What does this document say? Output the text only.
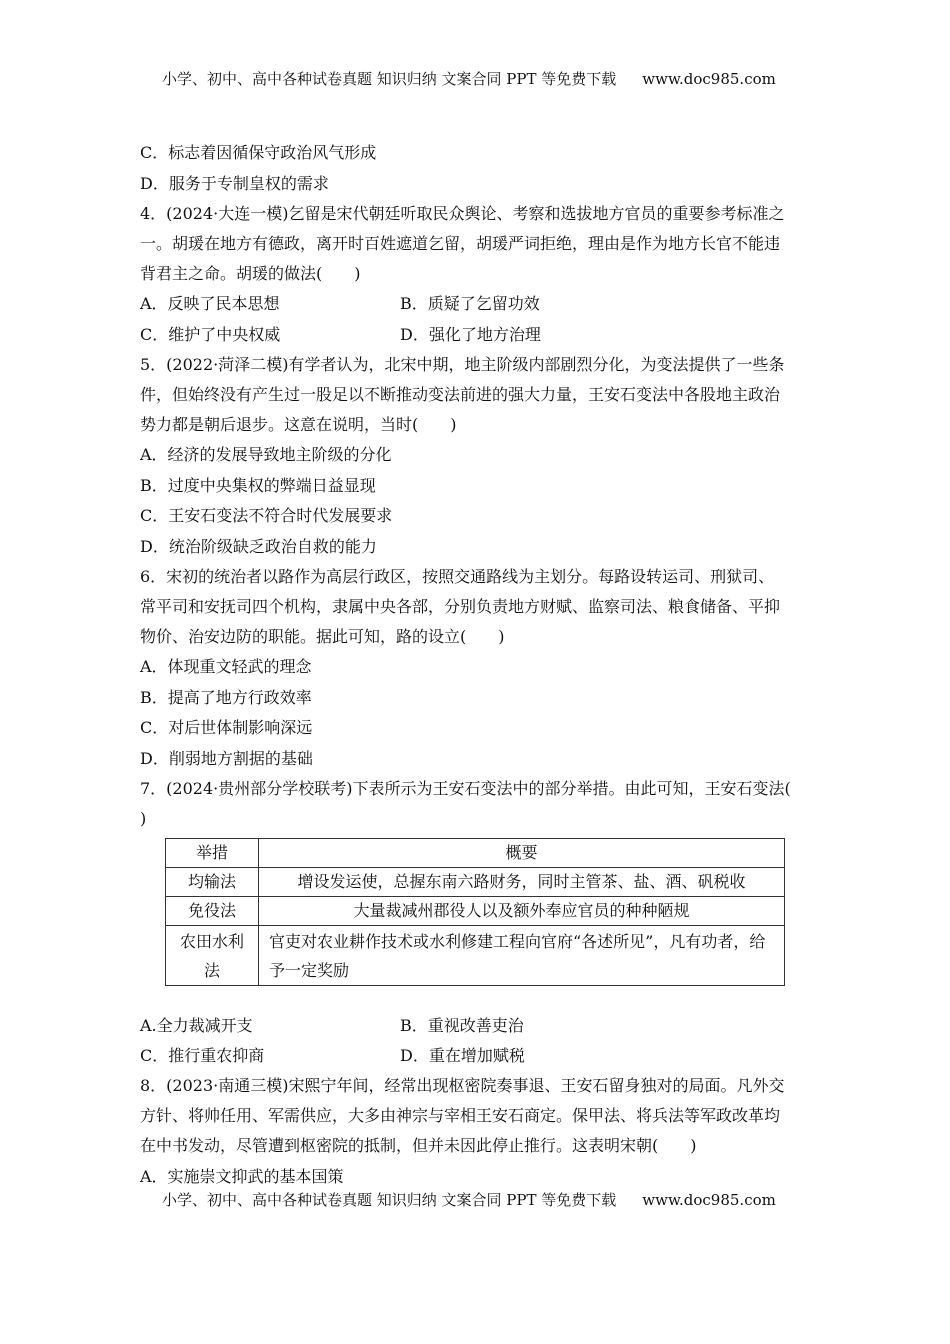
小学、初中、高中各种试卷真题 知识归纳 文案合同 PPT 等免费下载 www.doc985.com
C．标志着因循保守政治风气形成
D．服务于专制皇权的需求
4．(2024·大连一模)乞留是宋代朝廷听取民众舆论、考察和选拔地方官员的重要参考标准之
一。胡瑗在地方有德政，离开时百姓遮道乞留，胡瑗严词拒绝，理由是作为地方长官不能违
背君主之命。胡瑗的做法(　　)
A．反映了民本思想	B．质疑了乞留功效
C．维护了中央权威	D．强化了地方治理
5．(2022·菏泽二模)有学者认为，北宋中期，地主阶级内部剧烈分化，为变法提供了一些条
件，但始终没有产生过一股足以不断推动变法前进的强大力量，王安石变法中各股地主政治
势力都是朝后退步。这意在说明，当时(　　)
A．经济的发展导致地主阶级的分化
B．过度中央集权的弊端日益显现
C．王安石变法不符合时代发展要求
D．统治阶级缺乏政治自救的能力
6．宋初的统治者以路作为高层行政区，按照交通路线为主划分。每路设转运司、刑狱司、
常平司和安抚司四个机构，隶属中央各部，分别负责地方财赋、监察司法、粮食储备、平抑
物价、治安边防的职能。据此可知，路的设立(　　)
A．体现重文轻武的理念
B．提高了地方行政效率
C．对后世体制影响深远
D．削弱地方割据的基础
7．(2024·贵州部分学校联考)下表所示为王安石变法中的部分举措。由此可知，王安石变法(
)
举措	概要
均输法	增设发运使，总握东南六路财务，同时主管茶、盐、酒、矾税收
免役法	大量裁减州郡役人以及额外奉应官员的种种陋规
农田水利法	官吏对农业耕作技术或水利修建工程向官府“各述所见”，凡有功者，给予一定奖励
A.全力裁减开支	B．重视改善吏治
C．推行重农抑商	D．重在增加赋税
8．(2023·南通三模)宋熙宁年间，经常出现枢密院奏事退、王安石留身独对的局面。凡外交
方针、将帅任用、军需供应，大多由神宗与宰相王安石商定。保甲法、将兵法等军政改革均
在中书发动，尽管遭到枢密院的抵制，但并未因此停止推行。这表明宋朝(　　)
A．实施崇文抑武的基本国策
小学、初中、高中各种试卷真题 知识归纳 文案合同 PPT 等免费下载 www.doc985.com
